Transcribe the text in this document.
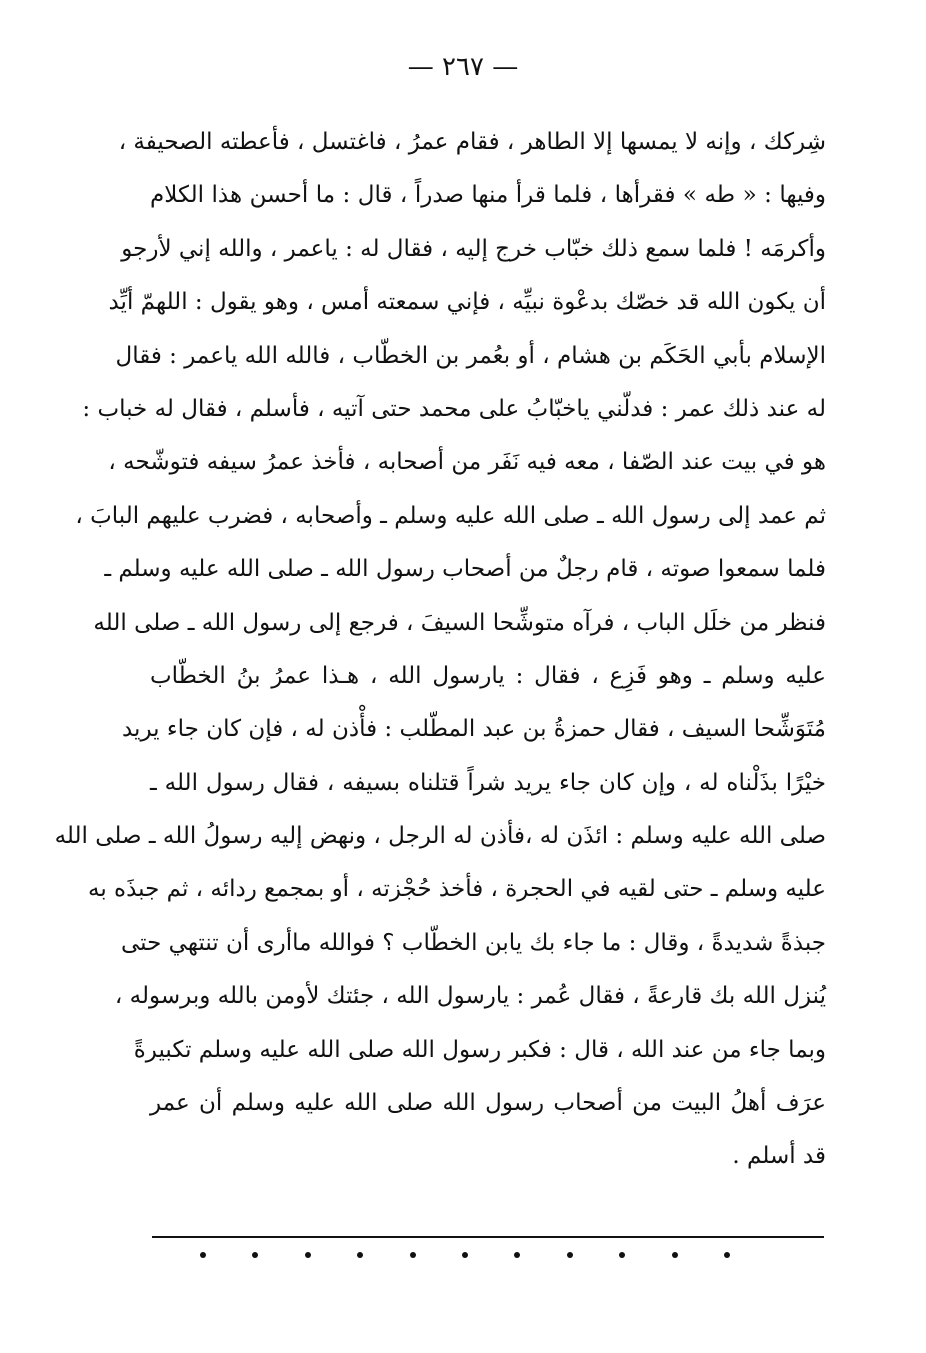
— ٢٦٧ —
شِركك ، وإنه لا يمسها إلا الطاهر ، فقام عمرُ ، فاغتسل ، فأعطته الصحيفة ،
وفيها : « طه » فقرأها ، فلما قرأ منها صدراً ، قال : ما أحسن هذا الكلام
وأكرمَه ! فلما سمع ذلك خبّاب خرج إليه ، فقال له : ياعمر ، والله إني لأرجو
أن يكون الله قد خصّك بدعْوة نبيِّه ، فإني سمعته أمس ، وهو يقول : اللهمّ أيِّد
الإسلام بأبي الحَكَم بن هشام ، أو بعُمر بن الخطّاب ، فالله الله ياعمر : فقال
له عند ذلك عمر : فدلّني ياخبّابُ على محمد حتى آتيه ، فأسلم ، فقال له خباب :
هو في بيت عند الصّفا ، معه فيه نَفَر من أصحابه ، فأخذ عمرُ سيفه فتوشّحه ،
ثم عمد إلى رسول الله ـ صلى الله عليه وسلم ـ وأصحابه ، فضرب عليهم البابَ ،
فلما سمعوا صوته ، قام رجلٌ من أصحاب رسول الله ـ صلى الله عليه وسلم ـ
فنظر من خلَل الباب ، فرآه متوشِّحا السيفَ ، فرجع إلى رسول الله ـ صلى الله
عليه وسلم ـ وهو فَزِع ، فقال : يارسول الله ، هـذا عمرُ بنُ الخطّاب
مُتَوَشِّحا السيف ، فقال حمزةُ بن عبد المطّلب : فأْذن له ، فإن كان جاء يريد
خيْرًا بذَلْناه له ، وإن كان جاء يريد شراً قتلناه بسيفه ، فقال رسول الله ـ
صلى الله عليه وسلم : ائذَن له ،فأذن له الرجل ، ونهض إليه رسولُ الله ـ صلى الله
عليه وسلم ـ حتى لقيه في الحجرة ، فأخذ حُجْزته ، أو بمجمع ردائه ، ثم جبذَه به
جبذةً شديدةً ، وقال : ما جاء بك يابن الخطّاب ؟ فوالله ماأرى أن تنتهي حتى
يُنزل الله بك قارعةً ، فقال عُمر : يارسول الله ، جئتك لأومن بالله وبرسوله ،
وبما جاء من عند الله ، قال : فكبر رسول الله صلى الله عليه وسلم تكبيرةً
عرَف أهلُ البيت من أصحاب رسول الله صلى الله عليه وسلم أن عمر
قد أسلم .
